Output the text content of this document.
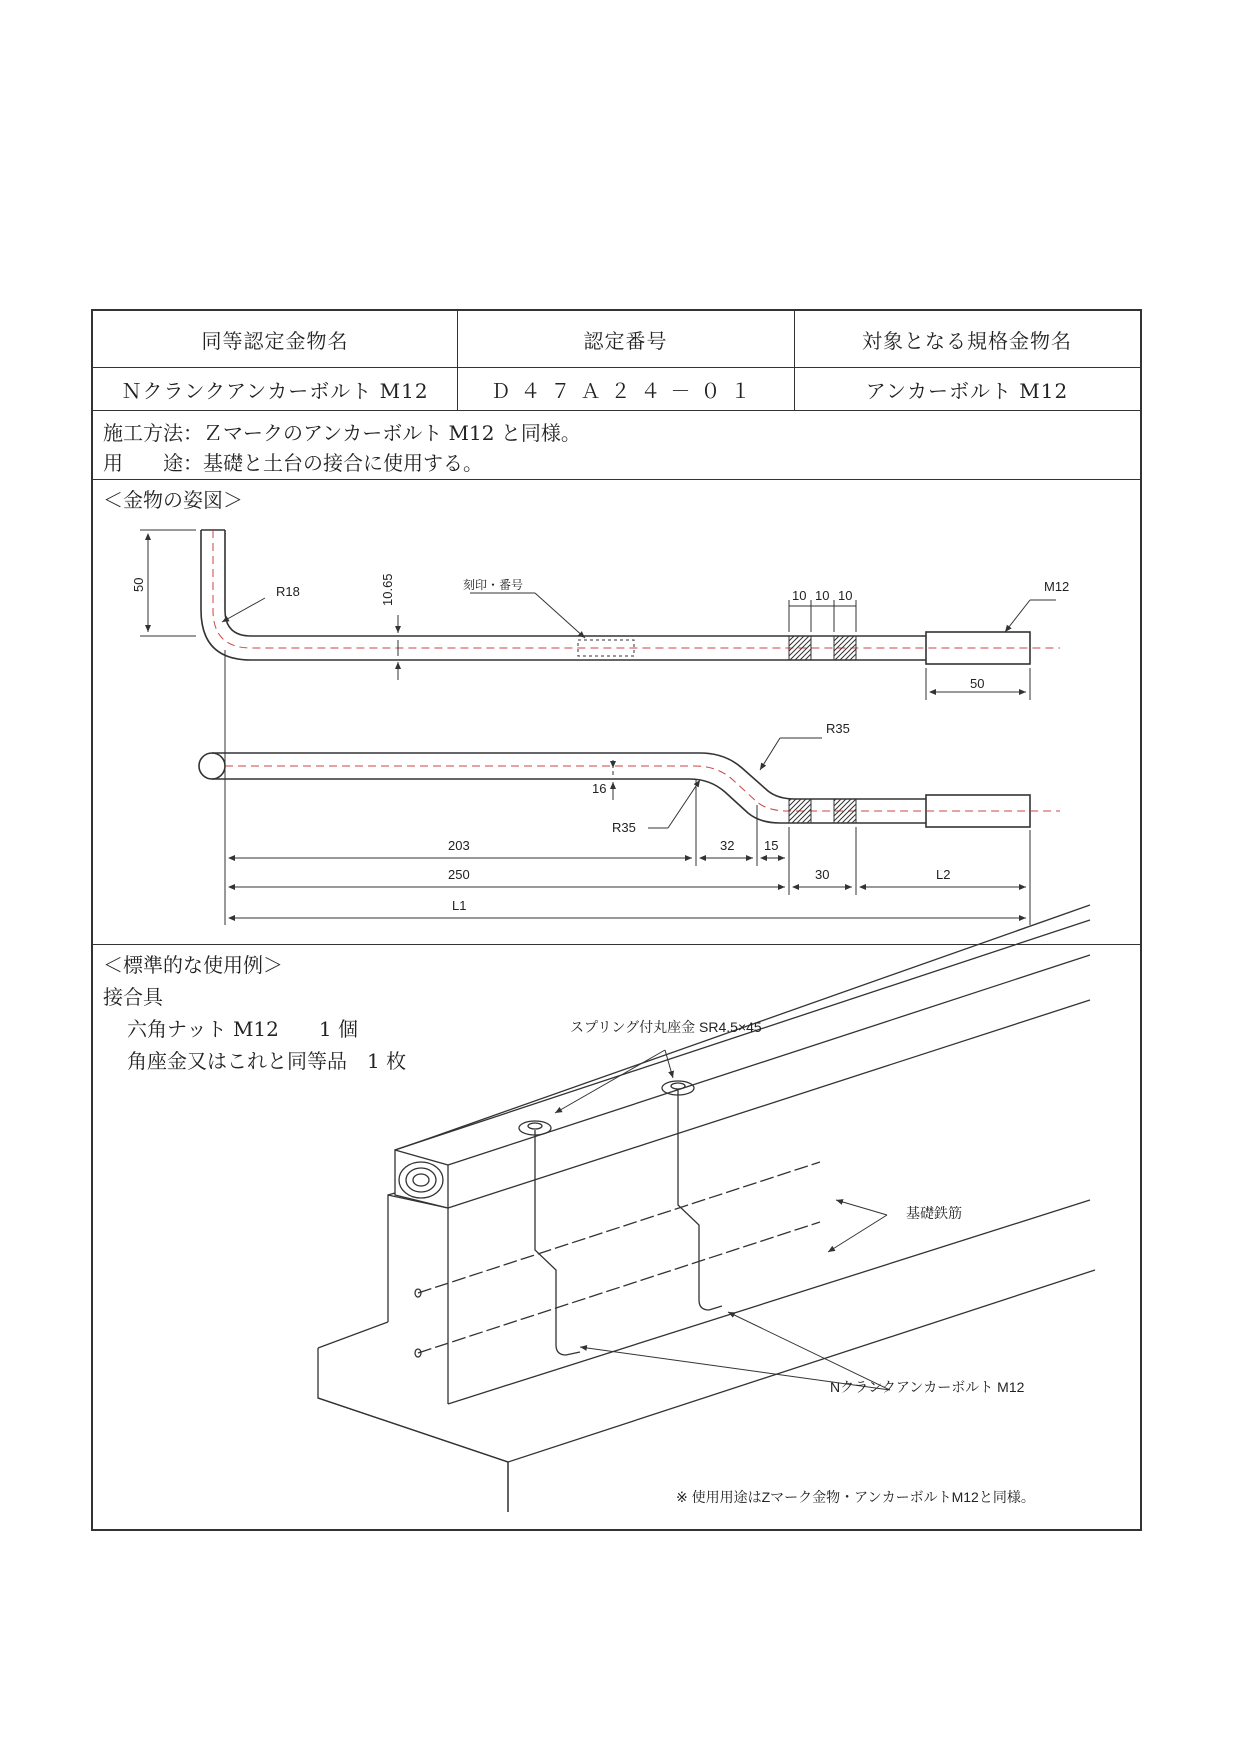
同等認定金物名	認定番号	対象となる規格金物名
Ｎクランクアンカーボルト M12	Ｄ４７Ａ２４－０１	アンカーボルト M12
施工方法：Ｚマークのアンカーボルト M12 と同様。
用　　途：基礎と土台の接合に使用する。
＜金物の姿図＞
＜標準的な使用例＞
接合具
六角ナット M12　　1 個
角座金又はこれと同等品　1 枚
50	R18	10.65	刻印・番号
10 10 10
M12
50
R35
16
R35
203	32 15
250	30	L2
L1
スプリング付丸座金 SR4.5×45
基礎鉄筋
Nクランクアンカーボルト M12
※ 使用用途はZマーク金物・アンカーボルトM12と同様。
